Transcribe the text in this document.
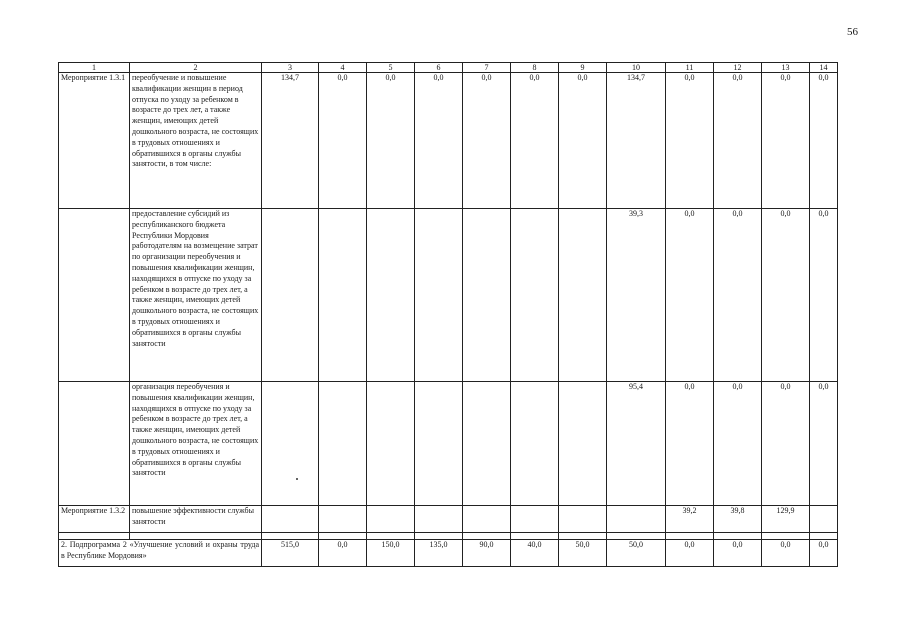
56
1	2	3	4	5	6	7	8	9	10	11	12	13	14
Мероприятие 1.3.1	переобучение и повышение квалификации женщин в период отпуска по уходу за ребенком в возрасте до трех лет, а также женщин, имеющих детей дошкольного возраста, не состоящих в трудовых отношениях и обратившихся в органы службы занятости, в том числе:	134,7	0,0	0,0	0,0	0,0	0,0	0,0	134,7	0,0	0,0	0,0	0,0
	предоставление субсидий из республиканского бюджета Республики Мордовия работодателям на возмещение затрат по организации переобучения и повышения квалификации женщин, находящихся в отпуске по уходу за ребенком в возрасте до трех лет, а также женщин, имеющих детей дошкольного возраста, не состоящих в трудовых отношениях и обратившихся в органы службы занятости								39,3	0,0	0,0	0,0	0,0
	организация переобучения и повышения квалификации женщин, находящихся в отпуске по уходу за ребенком в возрасте до трех лет, а также женщин, имеющих детей дошкольного возраста, не состоящих в трудовых отношениях и обратившихся в органы службы занятости								95,4	0,0	0,0	0,0	0,0
Мероприятие 1.3.2	повышение эффективности службы занятости									39,2	39,8	129,9	

2. Подпрограмма 2 «Улучшение условий и охраны труда в Республике Мордовия»		515,0	0,0	150,0	135,0	90,0	40,0	50,0	50,0	0,0	0,0	0,0	0,0
